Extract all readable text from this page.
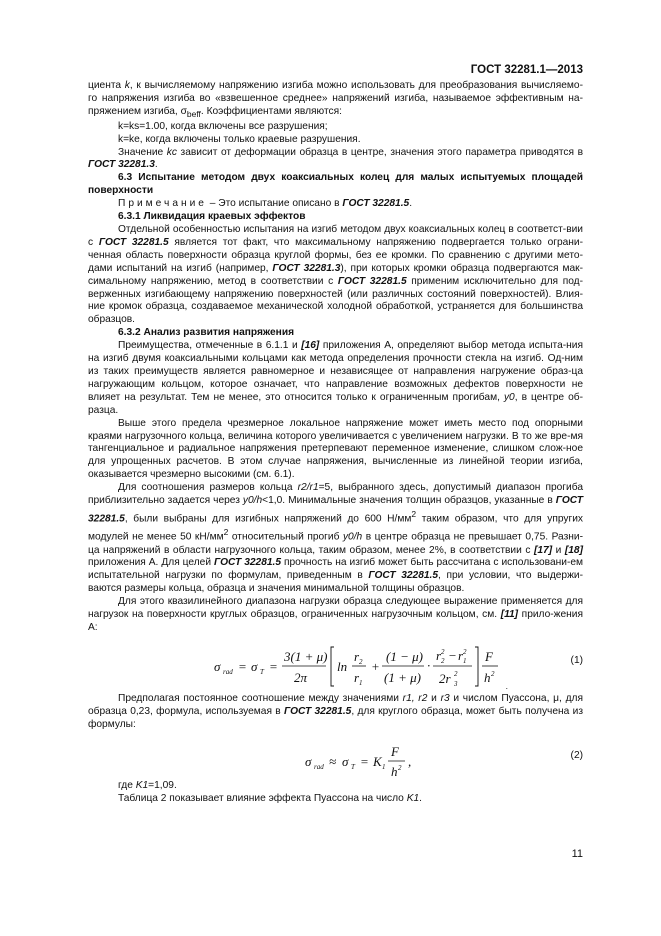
ГОСТ 32281.1—2013

циента k, к вычисляемому напряжению изгиба можно использовать для преобразования вычисляемо-го напряжения изгиба во «взвешенное среднее» напряжений изгиба, называемое эффективным на-пряжением изгиба, $\sigma_{beff}$. Коэффициентами являются:

k=ks=1.00, когда включены все разрушения;

k=ke, когда включены только краевые разрушения.

Значение kc зависит от деформации образца в центре, значения этого параметра приводятся в ГОСТ 32281.3.

6.3 Испытание методом двух коаксиальных колец для малых испытуемых площадей поверхности

Примечание – Это испытание описано в ГОСТ 32281.5.

6.3.1 Ликвидация краевых эффектов

Отдельной особенностью испытания на изгиб методом двух коаксиальных колец в соответст-вии с ГОСТ 32281.5 является тот факт, что максимальному напряжению подвергается только ограни-ченная область поверхности образца круглой формы, без ее кромки. По сравнению с другими мето-дами испытаний на изгиб (например, ГОСТ 32281.3), при которых кромки образца подвергаются мак-симальному напряжению, метод в соответствии с ГОСТ 32281.5 применим исключительно для под-верженных изгибающему напряжению поверхностей (или различных состояний поверхностей). Влия-ние кромок образца, создаваемое механической холодной обработкой, устраняется для большинства образцов.

6.3.2 Анализ развития напряжения

Преимущества, отмеченные в 6.1.1 и [16] приложения А, определяют выбор метода испыта-ния на изгиб двумя коаксиальными кольцами как метода определения прочности стекла на изгиб. Од-ним из таких преимуществ является равномерное и независящее от направления нагружение образ-ца нагружающим кольцом, которое означает, что направление возможных дефектов поверхности не влияет на результат. Тем не менее, это относится только к ограниченным прогибам, y0, в центре об-разца.

Выше этого предела чрезмерное локальное напряжение может иметь место под опорными краями нагрузочного кольца, величина которого увеличивается с увеличением нагрузки. В то же вре-мя тангенциальное и радиальное напряжения претерпевают переменное изменение, слишком слож-ное для упрощенных расчетов. В этом случае напряжения, вычисленные из линейной теории изгиба, оказывается чрезмерно высокими (см. 6.1).

Для соотношения размеров кольца r2/r1=5, выбранного здесь, допустимый диапазон прогиба приблизительно задается через y0/h<1,0. Минимальные значения толщин образцов, указанные в ГОСТ 32281.5, были выбраны для изгибных напряжений до 600 $Н/мм^2$ таким образом, что для упругих модулей не менее 50 $кН/мм^2$ относительный прогиб y0/h в центре образца не превышает 0,75. Разни-ца напряжений в области нагрузочного кольца, таким образом, менее 2%, в соответствии с [17] и [18] приложения А. Для целей ГОСТ 32281.5 прочность на изгиб может быть рассчитана с использовани-ем испытательной нагрузки по формулам, приведенным в ГОСТ 32281.5, при условии, что выдержи-ваются размеры кольца, образца и значения минимальной толщины образцов.

Для этого квазилинейного диапазона нагрузки образца следующее выражение применяется для нагрузок на поверхности круглых образцов, ограниченных нагрузочным кольцом, см. [11] прило-жения А:

σ rad = σ T =
3(1 + μ)
2π
ln
r 2
r 1
+
(1 − μ)
(1 + μ)
·
r 2
2 − r 1
2
2r 3
2
F
h 2
.
(1)

Предполагая постоянное соотношение между значениями r1, r2 и r3 и числом Пуассона, μ, для образца 0,23, формула, используемая в ГОСТ 32281.5, для круглого образца, может быть получена из формулы:

σ rad ≈ σ T = K 1
F
h 2 ,	(2)

где K1=1,09.

Таблица 2 показывает влияние эффекта Пуассона на число K1.

11
